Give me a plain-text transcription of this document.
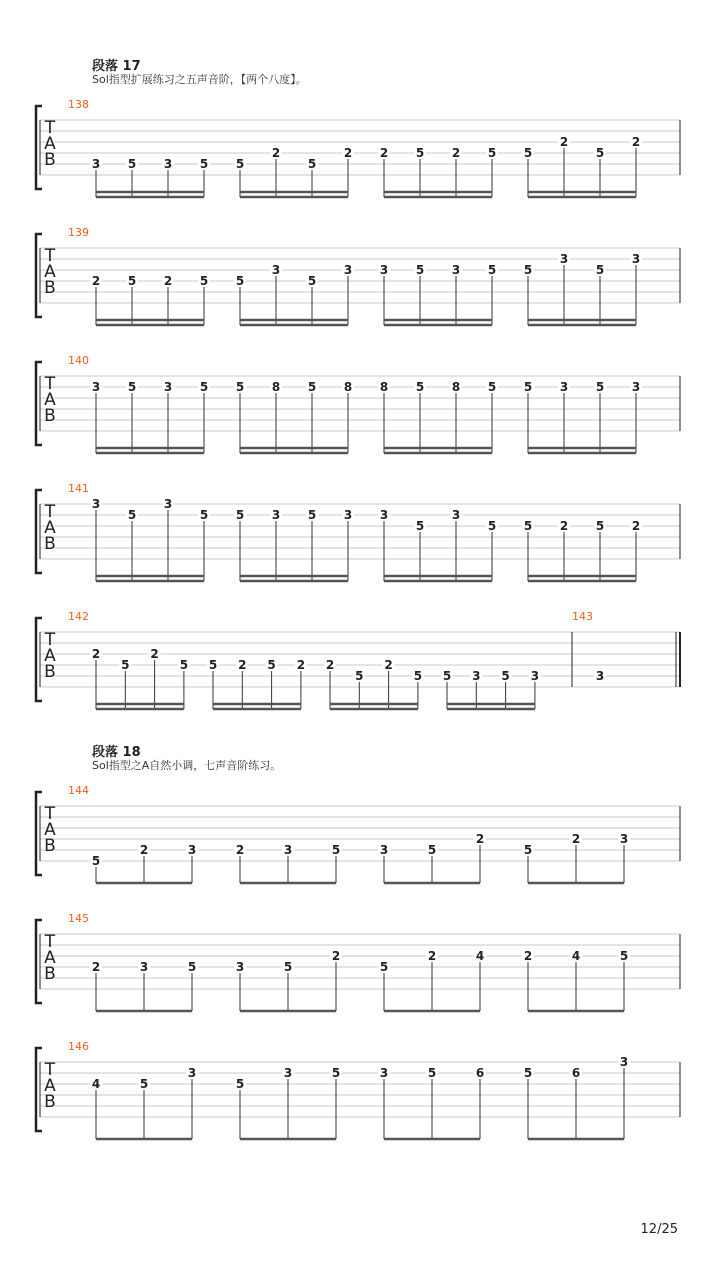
段落 17
Sol指型扩展练习之五声音阶，【两个八度】。
段落 18
Sol指型之A自然小调，七声音阶练习。
T
A
B
138
3 5 3 5 5
2
5
2 2 5 2 5 5
2
5
2
T
A
B
139
2 5 2 5 5
3
5
3 3 5 3 5 5
3
5
3
T
A
B
140
3 5 3 5 5 8 5 8 8 5 8 5 5 3 5 3
T
A
B
141
3
5
3
5 5 3 5 3 3
5
3
5 5 2 5 2
T
A
B
142
2
5
2
5 5 2 5 2 2
5
2
5 5 3 5 3
143
3
T
A
B
144
5
2	3	2	3	5	3	5
2
5
2	3
T
A
B
145
2	3	5	3	5
2
5
2	4	2	4	5
T
A
B
146
4	5
3
5
3	5	3	5	6	5	6
3
12/25
